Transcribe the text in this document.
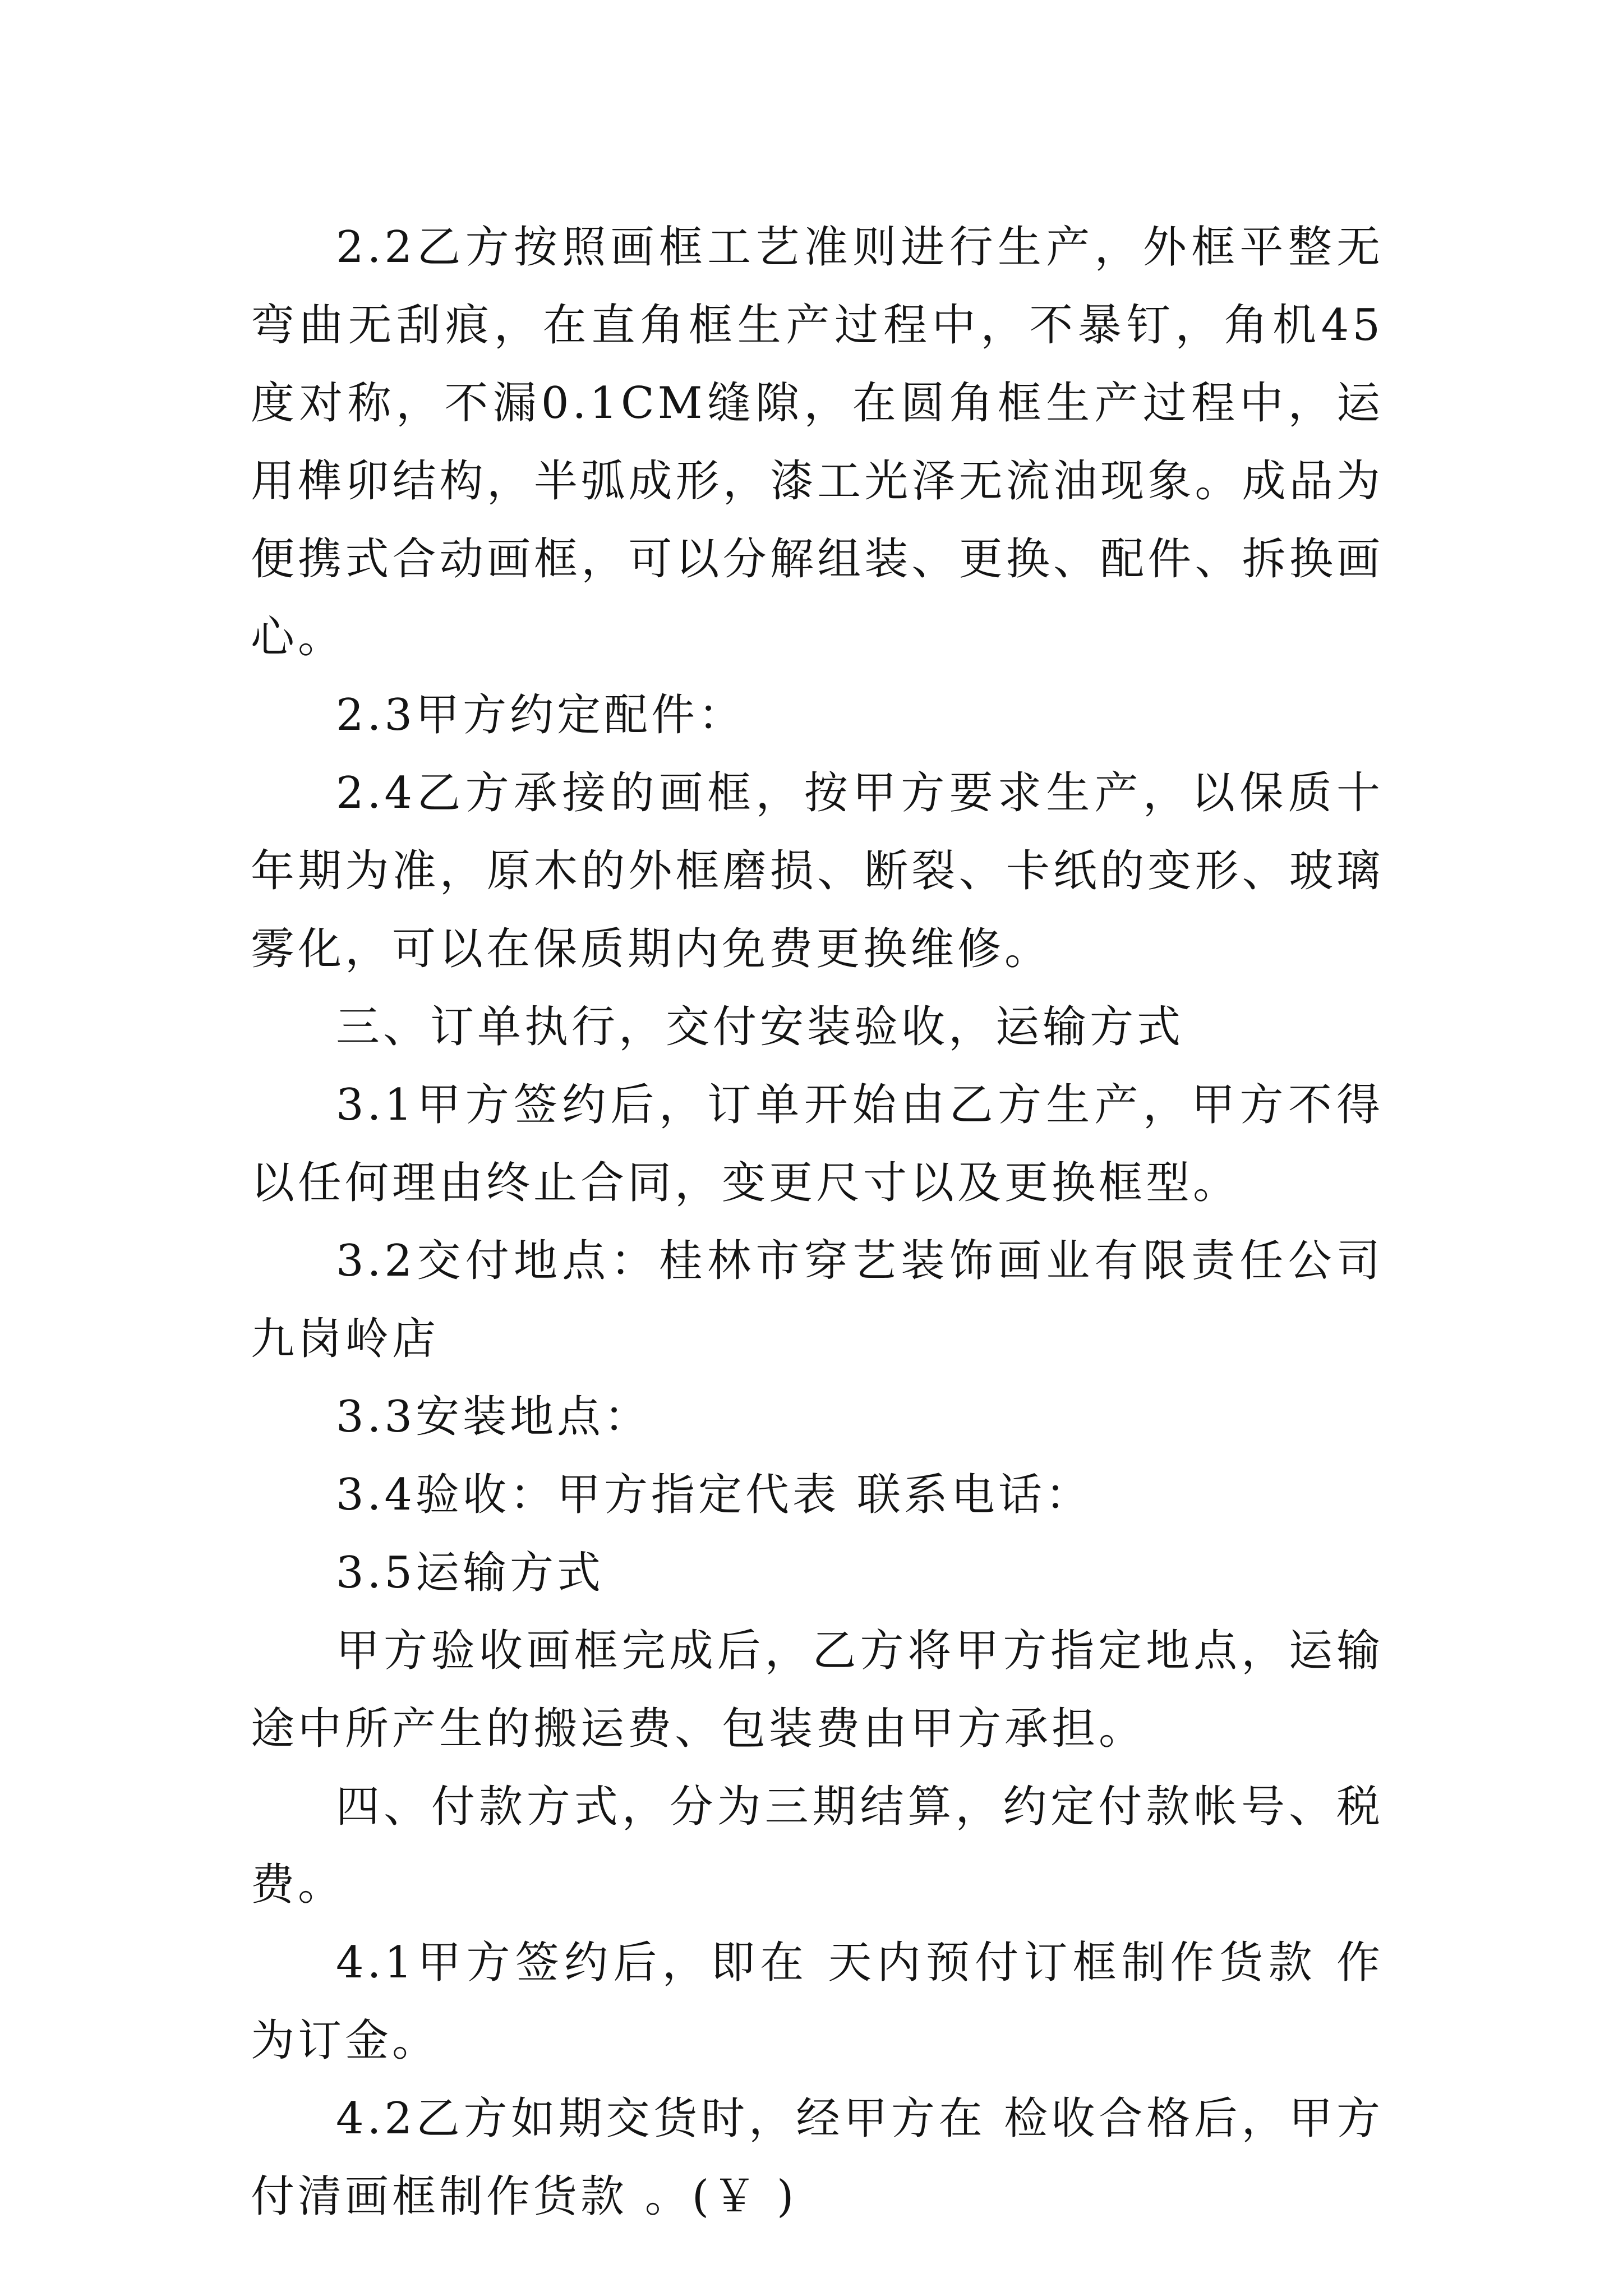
2.2乙方按照画框工艺准则进行生产，外框平整无弯曲无刮痕，在直角框生产过程中，不暴钉，角机45度对称，不漏0.1CM缝隙，在圆角框生产过程中，运用榫卯结构，半弧成形，漆工光泽无流油现象。成品为便携式合动画框，可以分解组装、更换、配件、拆换画心。

2.3甲方约定配件：

2.4乙方承接的画框，按甲方要求生产，以保质十年期为准，原木的外框磨损、断裂、卡纸的变形、玻璃雾化，可以在保质期内免费更换维修。

三、订单执行，交付安装验收，运输方式

3.1甲方签约后，订单开始由乙方生产，甲方不得以任何理由终止合同，变更尺寸以及更换框型。

3.2交付地点：桂林市穿艺装饰画业有限责任公司九岗岭店

3.3安装地点：

3.4验收：甲方指定代表 联系电话：

3.5运输方式

甲方验收画框完成后，乙方将甲方指定地点，运输途中所产生的搬运费、包装费由甲方承担。

四、付款方式，分为三期结算，约定付款帐号、税费。

4.1甲方签约后，即在 天内预付订框制作货款 作为订金。

4.2乙方如期交货时，经甲方在 检收合格后，甲方付清画框制作货款 。(￥ )
